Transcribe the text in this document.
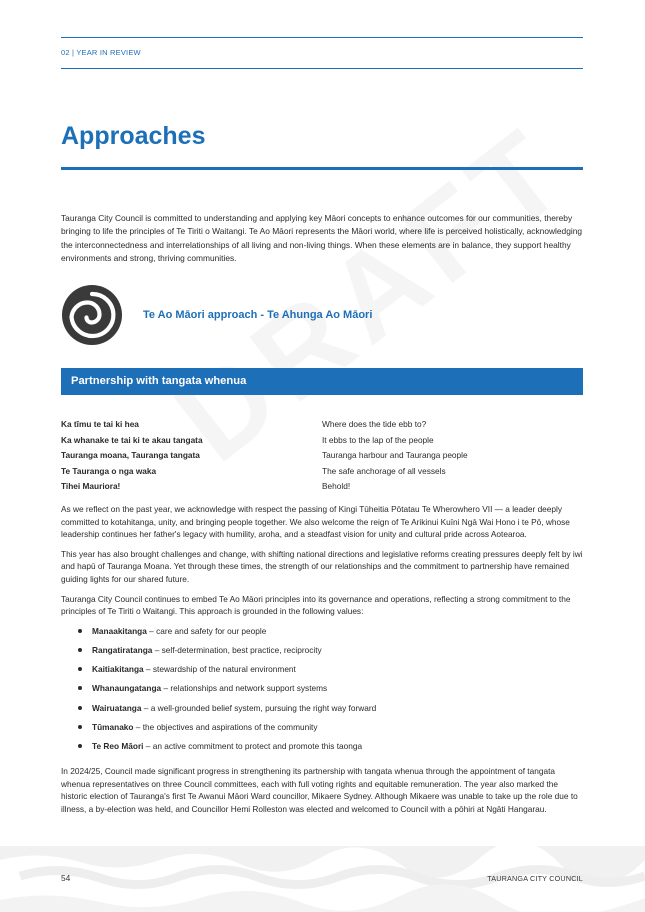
02 | YEAR IN REVIEW
Approaches

Tauranga City Council is committed to understanding and applying key Māori concepts to enhance outcomes for our communities, thereby bringing to life the principles of Te Tiriti o Waitangi. Te Ao Māori represents the Māori world, where life is perceived holistically, acknowledging the interconnectedness and interrelationships of all living and non-living things. When these elements are in balance, they support healthy environments and strong, thriving communities.

Te Ao Māori approach - Te Ahunga Ao Māori
Partnership with tangata whenua
Ka tīmu te tai ki hea	Where does the tide ebb to?
Ka whanake te tai ki te akau tangata	It ebbs to the lap of the people
Tauranga moana, Tauranga tangata	Tauranga harbour and Tauranga people
Te Tauranga o nga waka	The safe anchorage of all vessels
Tihei Mauriora!	Behold!

As we reflect on the past year, we acknowledge with respect the passing of Kingi Tūheitia Pōtatau Te Wherowhero VII — a leader deeply committed to kotahitanga, unity, and bringing people together. We also welcome the reign of Te Arikinui Kuīni Ngā Wai Hono i te Pō, whose leadership continues her father's legacy with humility, aroha, and a steadfast vision for unity and cultural pride across Aotearoa.

This year has also brought challenges and change, with shifting national directions and legislative reforms creating pressures deeply felt by iwi and hapū of Tauranga Moana. Yet through these times, the strength of our relationships and the commitment to partnership have remained guiding lights for our shared future.

Tauranga City Council continues to embed Te Ao Māori principles into its governance and operations, reflecting a strong commitment to the principles of Te Tiriti o Waitangi. This approach is grounded in the following values:

Manaakitanga – care and safety for our people
Rangatiratanga – self-determination, best practice, reciprocity
Kaitiakitanga – stewardship of the natural environment
Whanaungatanga – relationships and network support systems
Wairuatanga – a well-grounded belief system, pursuing the right way forward
Tūmanako – the objectives and aspirations of the community
Te Reo Māori – an active commitment to protect and promote this taonga

In 2024/25, Council made significant progress in strengthening its partnership with tangata whenua through the appointment of tangata whenua representatives on three Council committees, each with full voting rights and equitable remuneration. The year also marked the historic election of Tauranga's first Te Awanui Māori Ward councillor, Mikaere Sydney. Although Mikaere was unable to take up the role due to illness, a by-election was held, and Councillor Hemi Rolleston was elected and welcomed to Council with a pōhiri at Ngāti Hangarau.

54	TAURANGA CITY COUNCIL
